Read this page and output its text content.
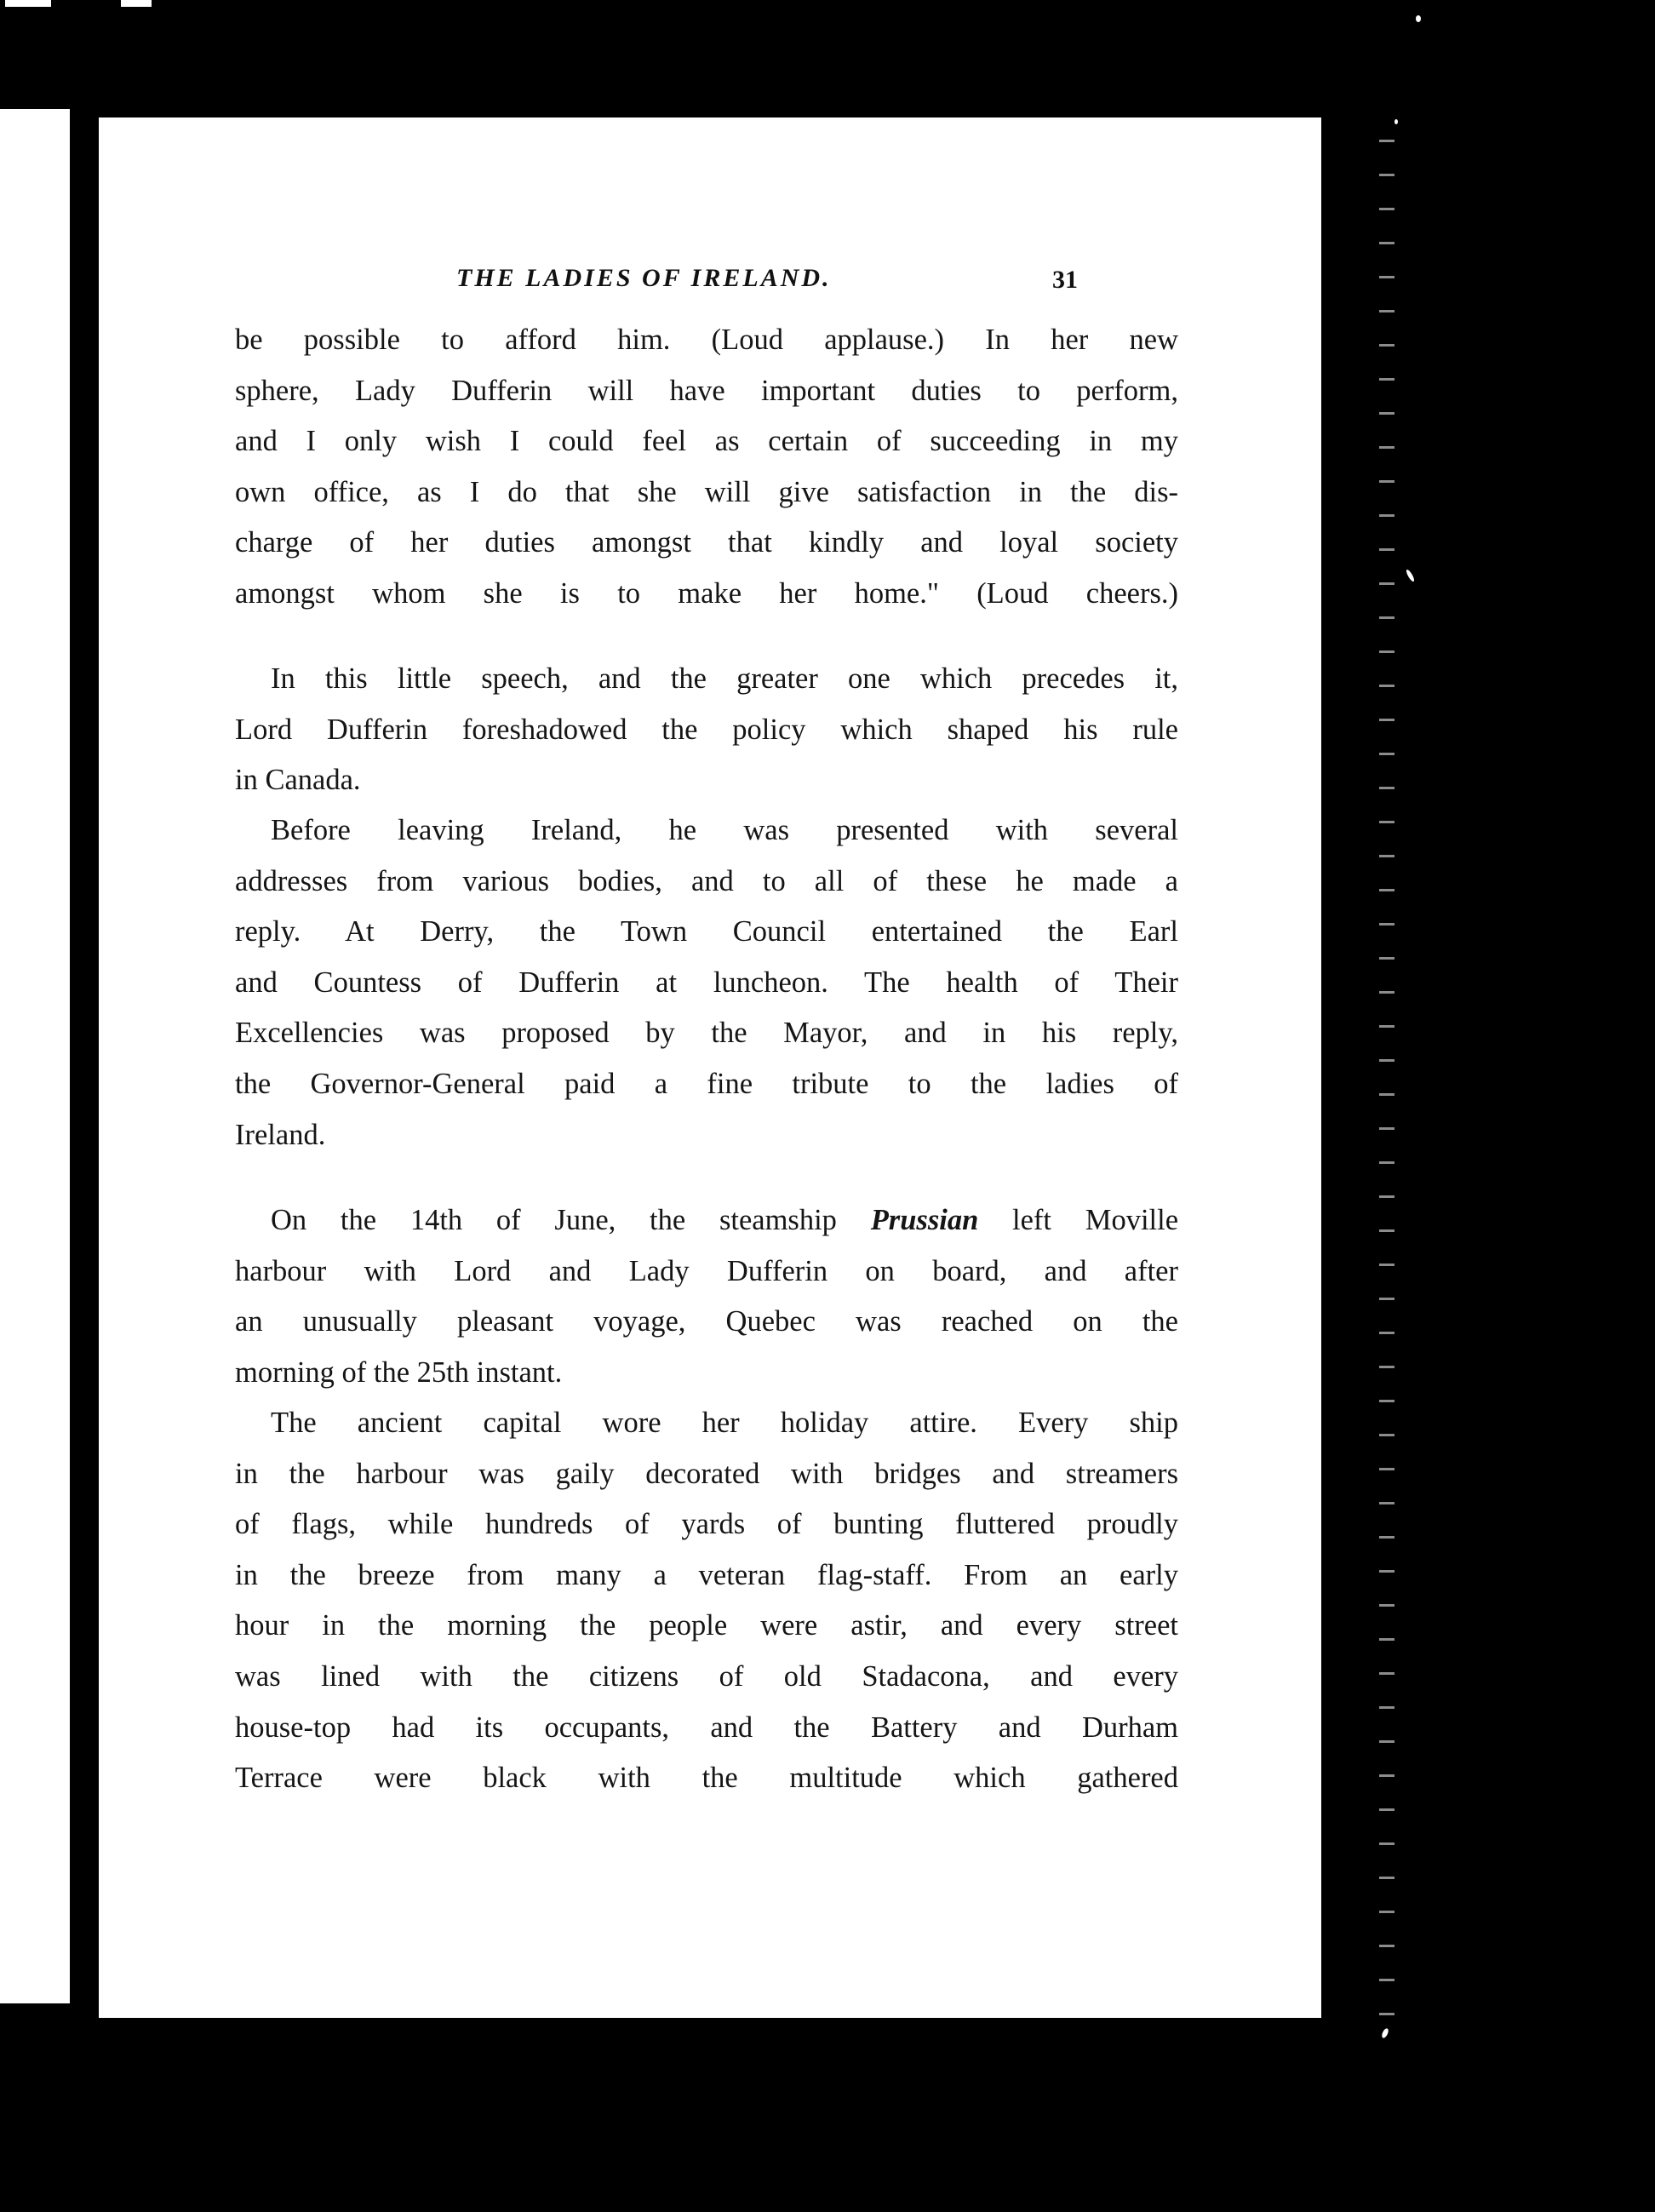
THE LADIES OF IRELAND.	31
be possible to afford him. (Loud applause.) In her new
sphere, Lady Dufferin will have important duties to perform,
and I only wish I could feel as certain of succeeding in my
own office, as I do that she will give satisfaction in the dis-
charge of her duties amongst that kindly and loyal society
amongst whom she is to make her home." (Loud cheers.)
In this little speech, and the greater one which precedes it,
Lord Dufferin foreshadowed the policy which shaped his rule
in Canada.
Before leaving Ireland, he was presented with several
addresses from various bodies, and to all of these he made a
reply. At Derry, the Town Council entertained the Earl
and Countess of Dufferin at luncheon. The health of Their
Excellencies was proposed by the Mayor, and in his reply,
the Governor-General paid a fine tribute to the ladies of
Ireland.
On the 14th of June, the steamship Prussian left Moville
harbour with Lord and Lady Dufferin on board, and after
an unusually pleasant voyage, Quebec was reached on the
morning of the 25th instant.
The ancient capital wore her holiday attire. Every ship
in the harbour was gaily decorated with bridges and streamers
of flags, while hundreds of yards of bunting fluttered proudly
in the breeze from many a veteran flag-staff. From an early
hour in the morning the people were astir, and every street
was lined with the citizens of old Stadacona, and every
house-top had its occupants, and the Battery and Durham
Terrace were black with the multitude which gathered
